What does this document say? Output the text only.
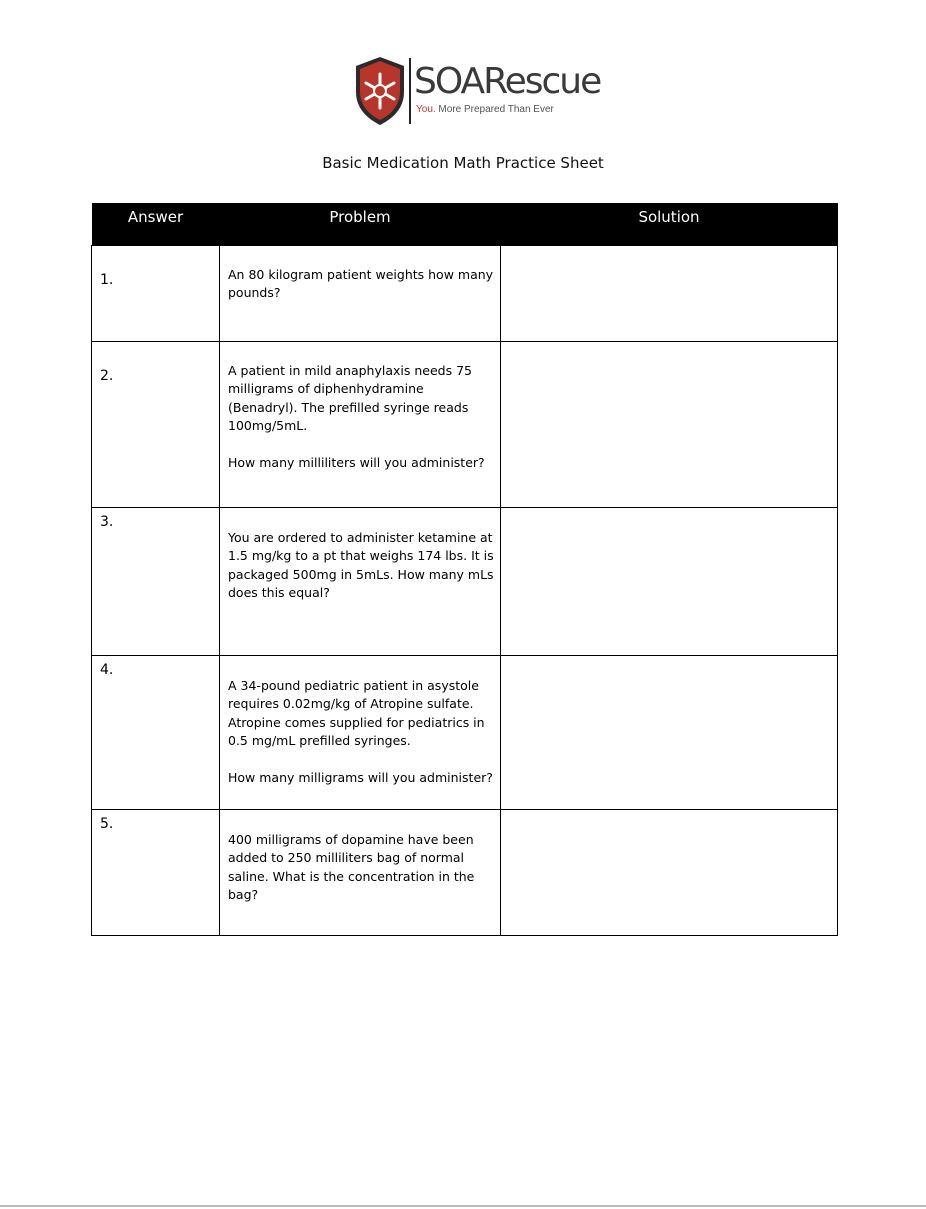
SOARescue
You. More Prepared Than Ever
Basic Medication Math Practice Sheet
Answer	Problem	Solution
1.	An 80 kilogram patient weights how many pounds?	

2.	A patient in mild anaphylaxis needs 75 milligrams of diphenhydramine (Benadryl). The prefilled syringe reads 100mg/5mL.

How many milliliters will you administer?	

3.	You are ordered to administer ketamine at 1.5 mg/kg to a pt that weighs 174 lbs. It is packaged 500mg in 5mLs. How many mLs does this equal?	

4.	A 34-pound pediatric patient in asystole requires 0.02mg/kg of Atropine sulfate. Atropine comes supplied for pediatrics in 0.5 mg/mL prefilled syringes.

How many milligrams will you administer?	

5.	400 milligrams of dopamine have been added to 250 milliliters bag of normal saline. What is the concentration in the bag?	
